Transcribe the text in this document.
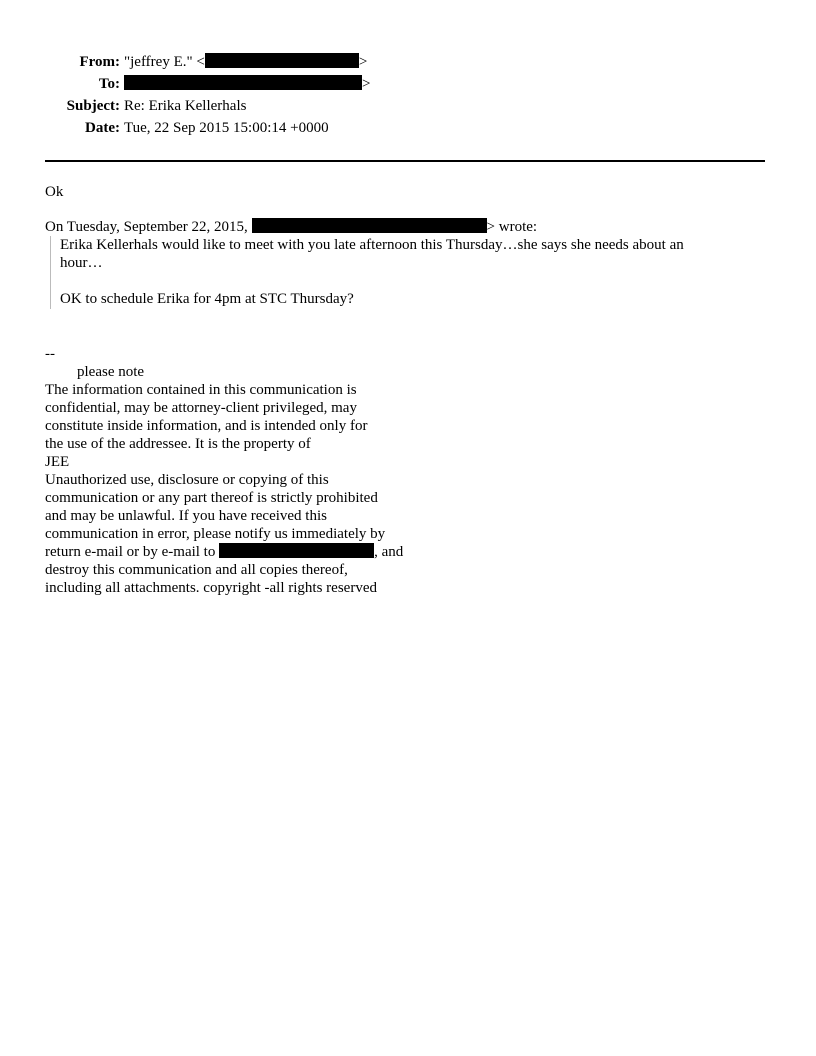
From: "jeffrey E." <	>
To:	>
Subject: Re: Erika Kellerhals
Date: Tue, 22 Sep 2015 15:00:14 +0000
Ok
On Tuesday, September 22, 2015,	> wrote:

Erika Kellerhals would like to meet with you late afternoon this Thursday…she says she needs about an

hour…

OK to schedule Erika for 4pm at STC Thursday?

--
please note
The information contained in this communication is
confidential, may be attorney-client privileged, may
constitute inside information, and is intended only for
the use of the addressee. It is the property of
JEE
Unauthorized use, disclosure or copying of this
communication or any part thereof is strictly prohibited
and may be unlawful. If you have received this
communication in error, please notify us immediately by
return e-mail or by e-mail to	, and
destroy this communication and all copies thereof,
including all attachments. copyright -all rights reserved
